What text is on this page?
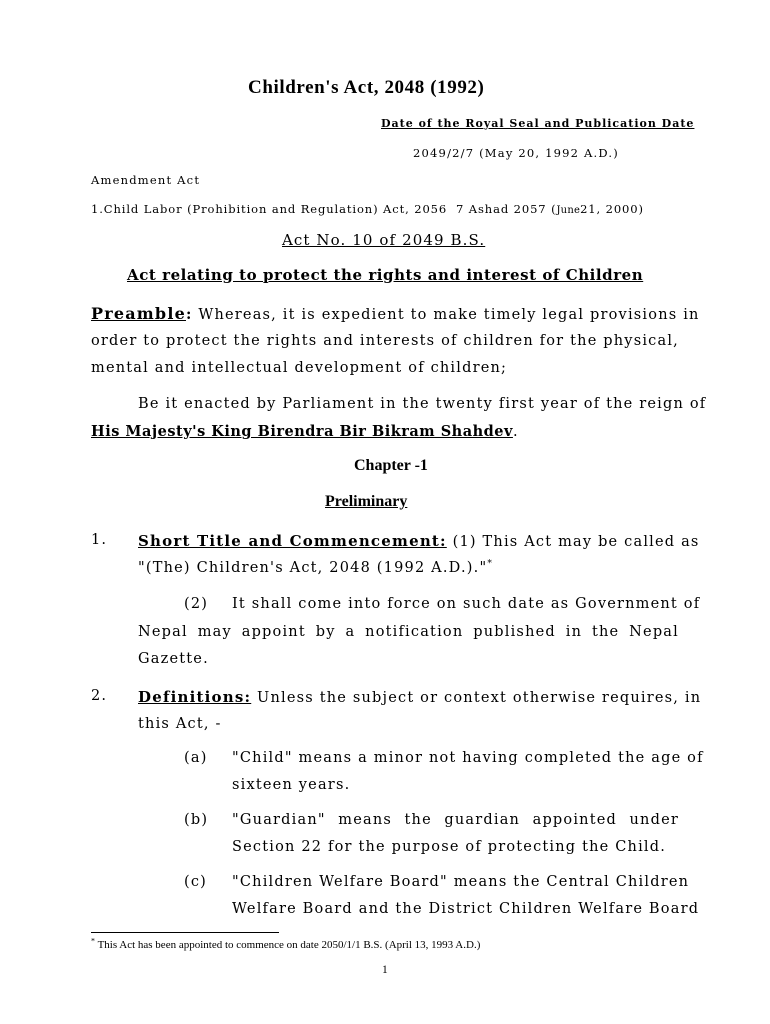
Children's Act, 2048 (1992)
Date of the Royal Seal and Publication Date
2049/2/7 (May 20, 1992 A.D.)
Amendment Act
1.Child Labor (Prohibition and Regulation) Act, 2056 7 Ashad 2057 (June21, 2000)
Act No. 10 of 2049 B.S.
Act relating to protect the rights and interest of Children
Preamble: Whereas, it is expedient to make timely legal provisions in
order to protect the rights and interests of children for the physical,
mental and intellectual development of children;
Be it enacted by Parliament in the twenty first year of the reign of
His Majesty's King Birendra Bir Bikram Shahdev.
Chapter -1
Preliminary
1. Short Title and Commencement: (1) This Act may be called as
"(The) Children's Act, 2048 (1992 A.D.)."*
(2) It shall come into force on such date as Government of
Nepal may appoint by a notification published in the Nepal
Gazette.
2. Definitions: Unless the subject or context otherwise requires, in
this Act, -
(a) "Child" means a minor not having completed the age of
sixteen years.
(b) "Guardian" means the guardian appointed under
Section 22 for the purpose of protecting the Child.
(c) "Children Welfare Board" means the Central Children
Welfare Board and the District Children Welfare Board
* This Act has been appointed to commence on date 2050/1/1 B.S. (April 13, 1993 A.D.)
1
